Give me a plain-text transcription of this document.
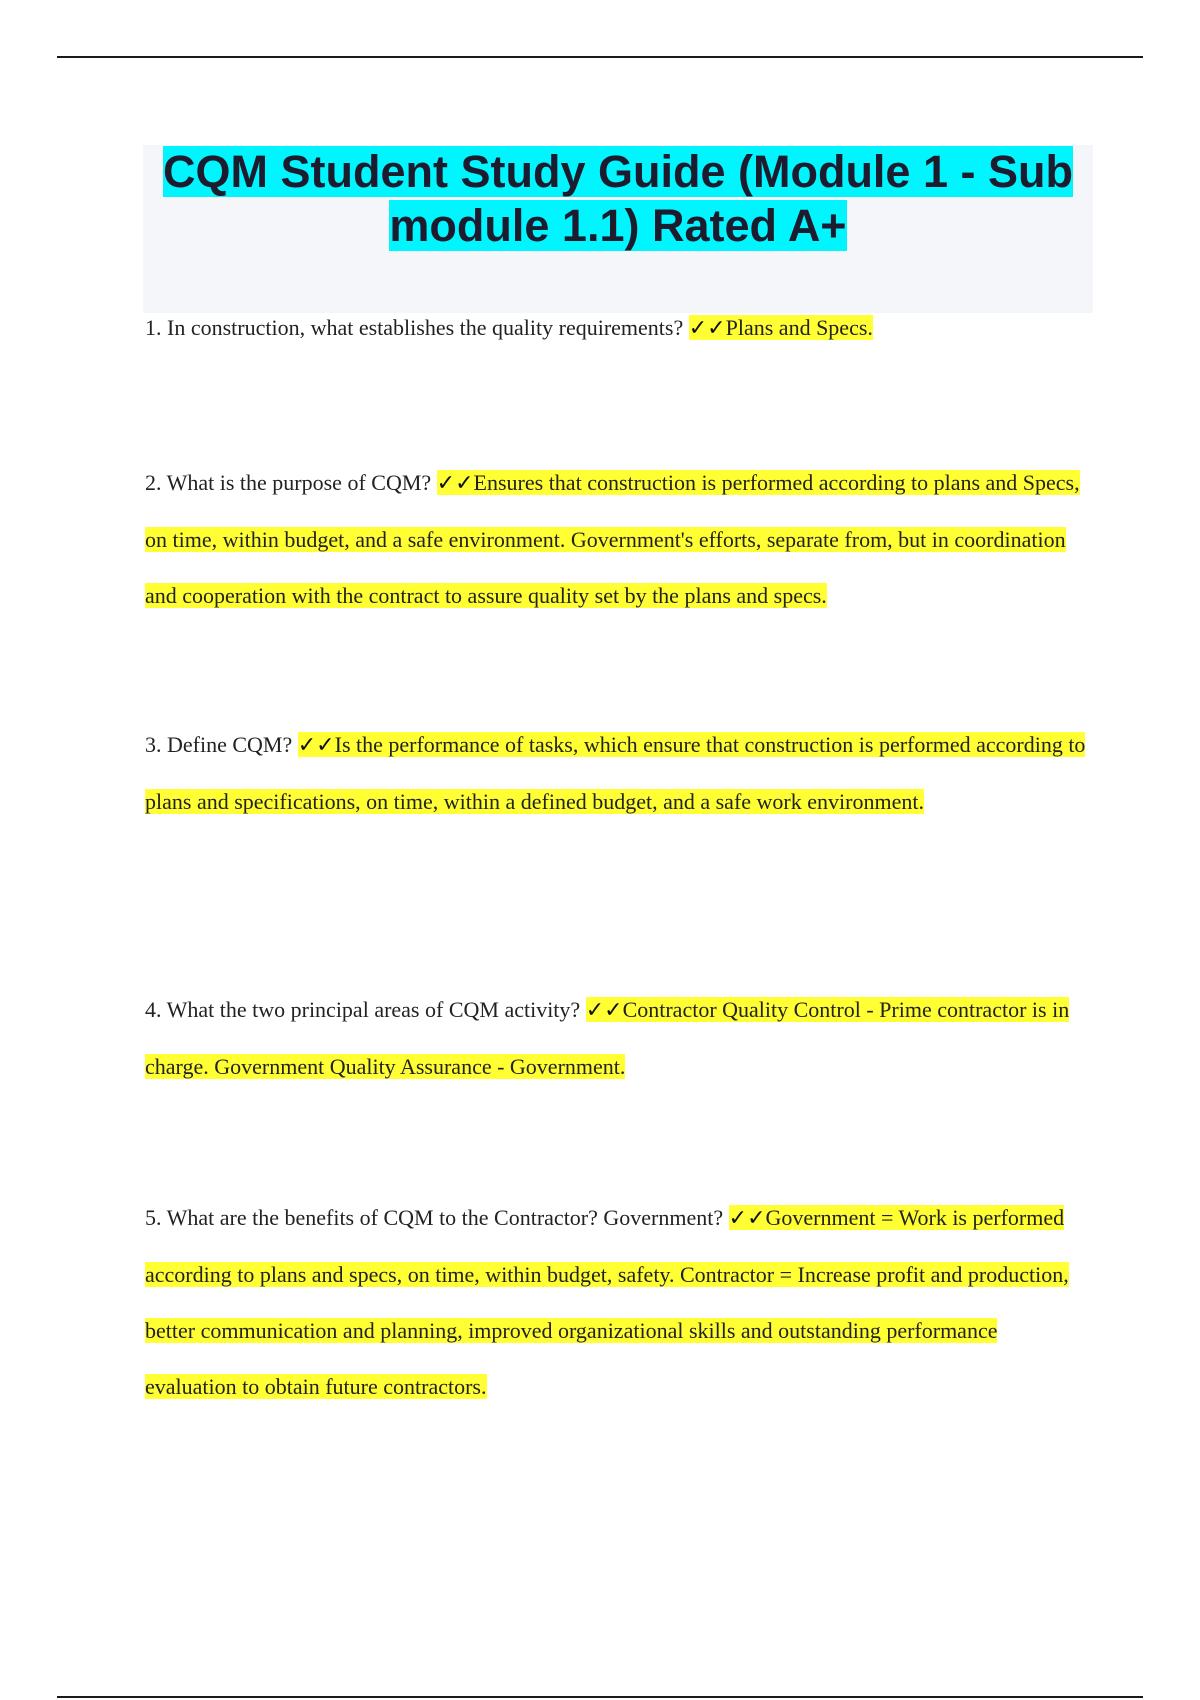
CQM Student Study Guide (Module 1 - Sub module 1.1) Rated A+
1. In construction, what establishes the quality requirements? ✓✓Plans and Specs.
2. What is the purpose of CQM? ✓✓Ensures that construction is performed according to plans and Specs, on time, within budget, and a safe environment. Government's efforts, separate from, but in coordination and cooperation with the contract to assure quality set by the plans and specs.
3. Define CQM? ✓✓Is the performance of tasks, which ensure that construction is performed according to plans and specifications, on time, within a defined budget, and a safe work environment.
4. What the two principal areas of CQM activity? ✓✓Contractor Quality Control - Prime contractor is in charge. Government Quality Assurance - Government.
5. What are the benefits of CQM to the Contractor? Government? ✓✓Government = Work is performed according to plans and specs, on time, within budget, safety. Contractor = Increase profit and production, better communication and planning, improved organizational skills and outstanding performance evaluation to obtain future contractors.
